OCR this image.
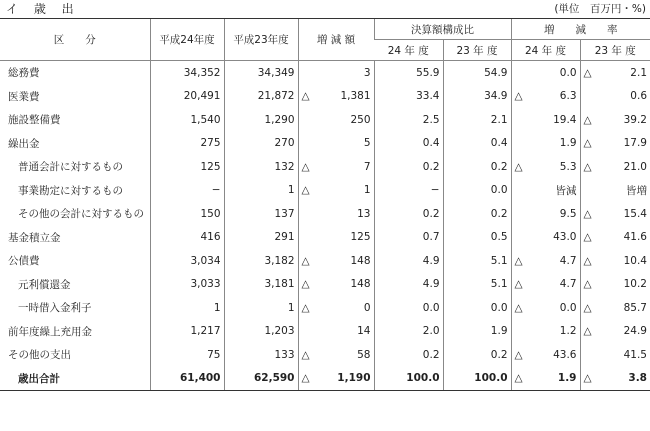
イ 歳 出	(単位　百万円・%)
区　　分	平成24年度	平成23年度	増 減 額	決算額構成比		増　　減　　率	
				24 年 度	23 年 度	24 年 度	23 年 度
総務費	34,352	34,349	3	55.9	54.9	0.0	△ 2.1

医業費	20,491	21,872	△ 1,381	33.4	34.9	△ 6.3	0.6

施設整備費	1,540	1,290	250	2.5	2.1	19.4	△ 39.2

繰出金	275	270	5	0.4	0.4	1.9	△ 17.9

普通会計に対するもの	125	132	△ 7	0.2	0.2	△ 5.3	△ 21.0

事業勘定に対するもの	−	1	△ 1	−	0.0	皆減	皆増

その他の会計に対するもの	150	137	13	0.2	0.2	9.5	△ 15.4

基金積立金	416	291	125	0.7	0.5	43.0	△ 41.6

公債費	3,034	3,182	△ 148	4.9	5.1	△ 4.7	△ 10.4

元利償還金	3,033	3,181	△ 148	4.9	5.1	△ 4.7	△ 10.2

一時借入金利子	1	1	△ 0	0.0	0.0	△ 0.0	△ 85.7

前年度繰上充用金	1,217	1,203	14	2.0	1.9	1.2	△ 24.9

その他の支出	75	133	△ 58	0.2	0.2	△ 43.6	41.5

歳出合計	61,400	62,590	△ 1,190	100.0	100.0	△ 1.9	△ 3.8
